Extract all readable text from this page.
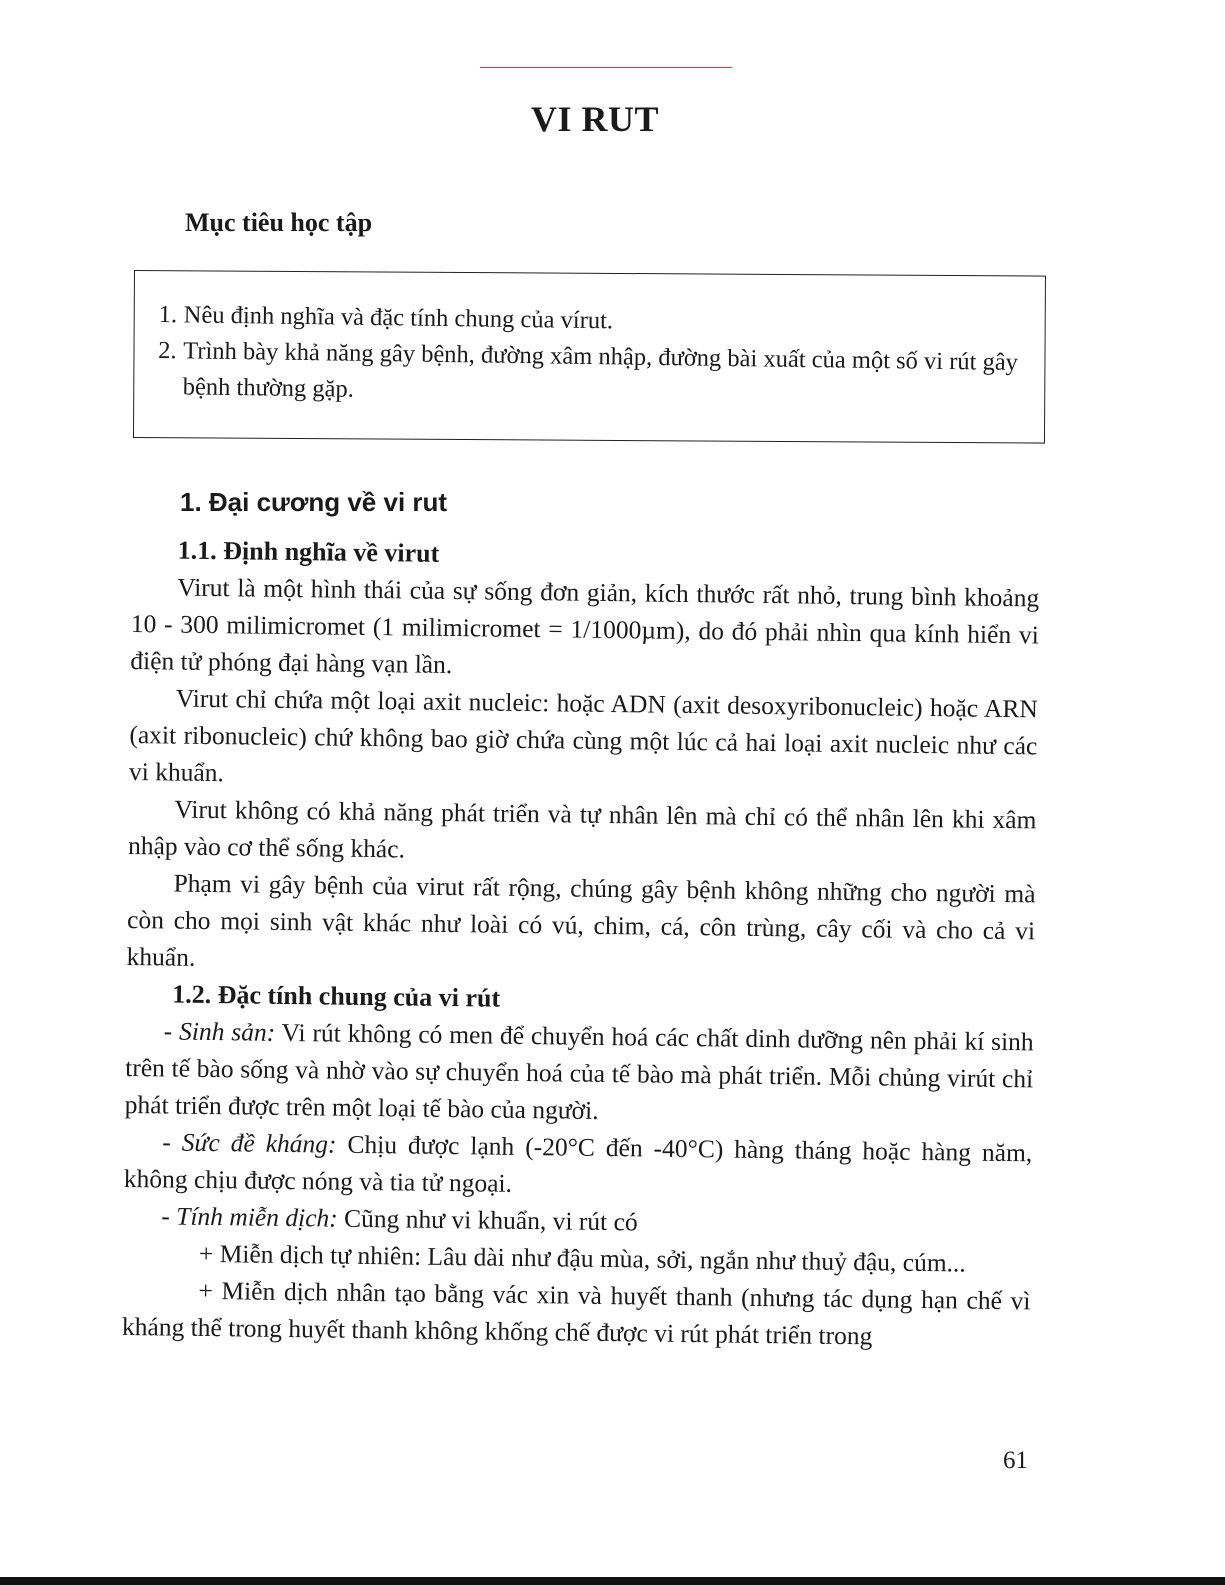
VI RUT
Mục tiêu học tập
1. Nêu định nghĩa và đặc tính chung của vírut.
2. Trình bày khả năng gây bệnh, đường xâm nhập, đường bài xuất của một số vi rút gây bệnh thường gặp.
1. Đại cương về vi rut
1.1. Định nghĩa về virut

Virut là một hình thái của sự sống đơn giản, kích thước rất nhỏ, trung bình khoảng 10 - 300 milimicromet (1 milimicromet = 1/1000µm), do đó phải nhìn qua kính hiển vi điện tử phóng đại hàng vạn lần.

Virut chỉ chứa một loại axit nucleic: hoặc ADN (axit desoxyribonucleic) hoặc ARN (axit ribonucleic) chứ không bao giờ chứa cùng một lúc cả hai loại axit nucleic như các vi khuẩn.

Virut không có khả năng phát triển và tự nhân lên mà chỉ có thể nhân lên khi xâm nhập vào cơ thể sống khác.

Phạm vi gây bệnh của virut rất rộng, chúng gây bệnh không những cho người mà còn cho mọi sinh vật khác như loài có vú, chim, cá, côn trùng, cây cối và cho cả vi khuẩn.

1.2. Đặc tính chung của vi rút

- Sinh sản: Vi rút không có men để chuyển hoá các chất dinh dưỡng nên phải kí sinh trên tế bào sống và nhờ vào sự chuyển hoá của tế bào mà phát triển. Mỗi chủng virút chỉ phát triển được trên một loại tế bào của người.

- Sức đề kháng: Chịu được lạnh (-20°C đến -40°C) hàng tháng hoặc hàng năm, không chịu được nóng và tia tử ngoại.

- Tính miễn dịch: Cũng như vi khuẩn, vi rút có

+ Miễn dịch tự nhiên: Lâu dài như đậu mùa, sởi, ngắn như thuỷ đậu, cúm...

+ Miễn dịch nhân tạo bằng vác xin và huyết thanh (nhưng tác dụng hạn chế vì kháng thể trong huyết thanh không khống chế được vi rút phát triển trong

61
